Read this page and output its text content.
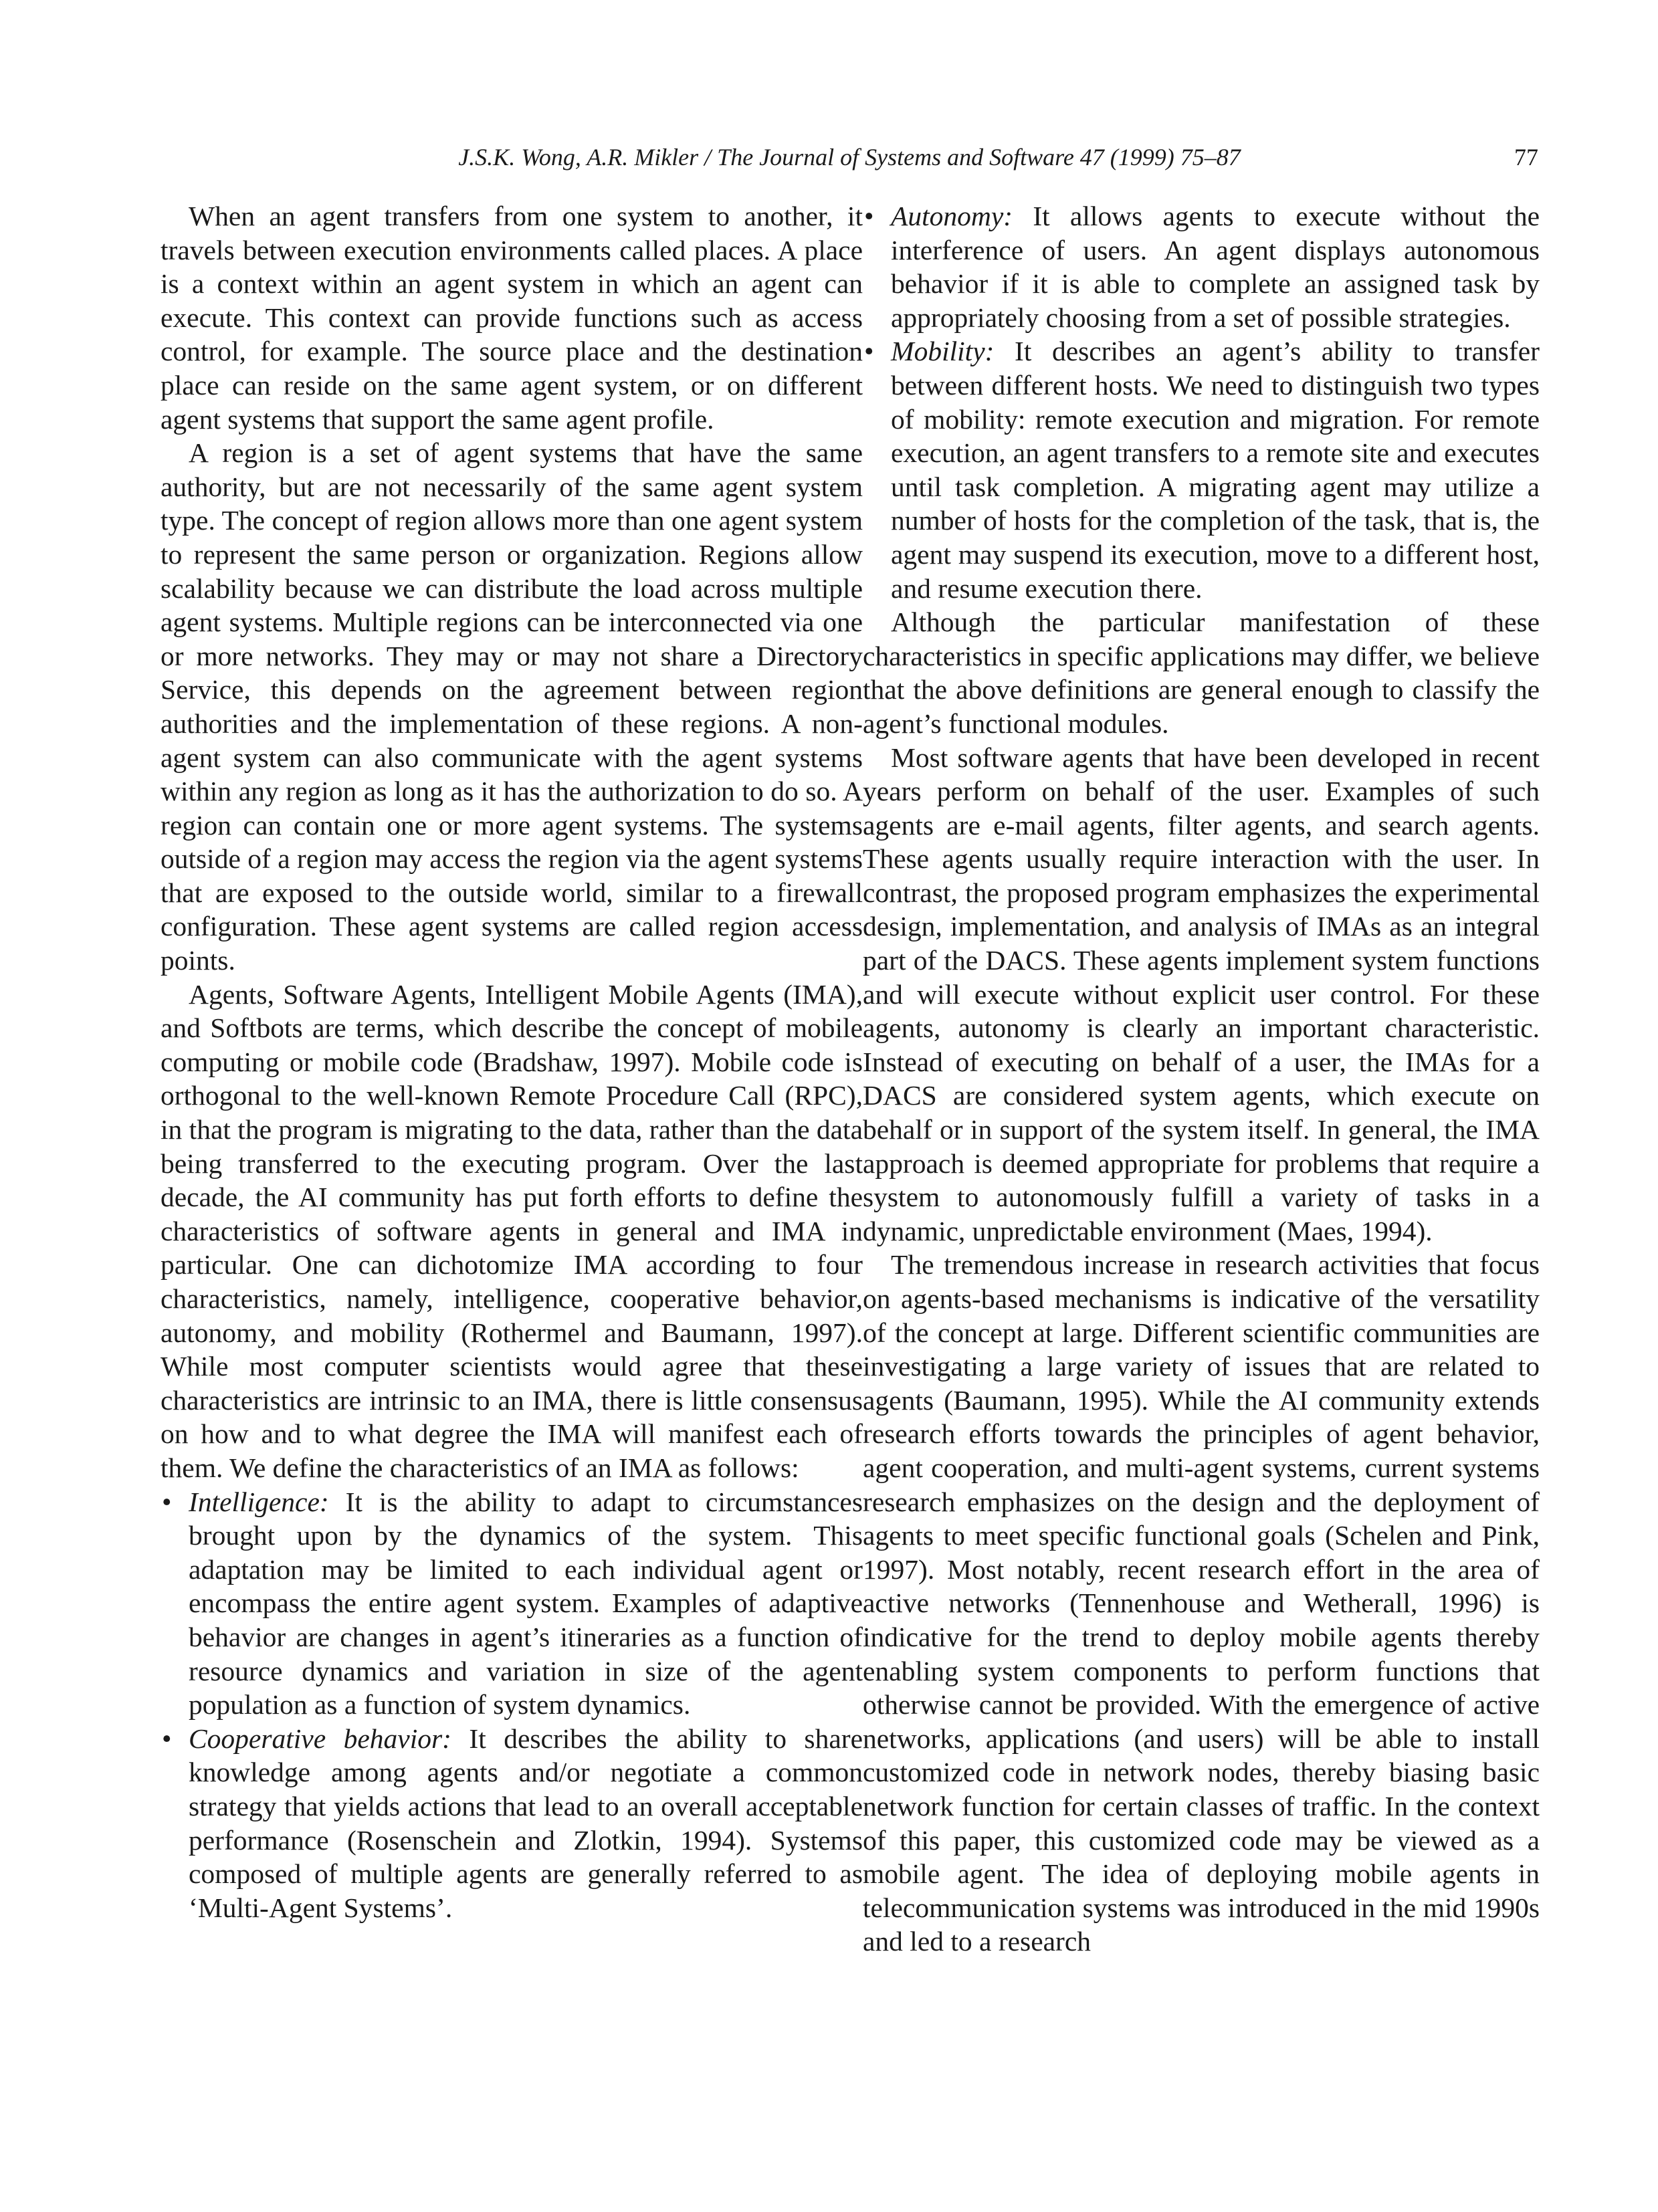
J.S.K. Wong, A.R. Mikler / The Journal of Systems and Software 47 (1999) 75–87	77

When an agent transfers from one system to another, it travels between execution environments called places. A place is a context within an agent system in which an agent can execute. This context can provide functions such as access control, for example. The source place and the destination place can reside on the same agent system, or on different agent systems that support the same agent profile.

A region is a set of agent systems that have the same authority, but are not necessarily of the same agent system type. The concept of region allows more than one agent system to represent the same person or organization. Regions allow scalability because we can distribute the load across multiple agent systems. Multiple regions can be interconnected via one or more networks. They may or may not share a Directory Service, this depends on the agreement between region authorities and the implementation of these regions. A non-agent system can also communicate with the agent systems within any region as long as it has the authorization to do so. A region can contain one or more agent systems. The systems outside of a region may access the region via the agent systems that are exposed to the outside world, similar to a firewall configuration. These agent systems are called region access points.

Agents, Software Agents, Intelligent Mobile Agents (IMA), and Softbots are terms, which describe the concept of mobile computing or mobile code (Bradshaw, 1997). Mobile code is orthogonal to the well-known Remote Procedure Call (RPC), in that the program is migrating to the data, rather than the data being transferred to the executing program. Over the last decade, the AI community has put forth efforts to define the characteristics of software agents in general and IMA in particular. One can dichotomize IMA according to four characteristics, namely, intelligence, cooperative behavior, autonomy, and mobility (Rothermel and Baumann, 1997). While most computer scientists would agree that these characteristics are intrinsic to an IMA, there is little consensus on how and to what degree the IMA will manifest each of them. We define the characteristics of an IMA as follows:

• Intelligence: It is the ability to adapt to circumstances brought upon by the dynamics of the system. This adaptation may be limited to each individual agent or encompass the entire agent system. Examples of adaptive behavior are changes in agent’s itineraries as a function of resource dynamics and variation in size of the agent population as a function of system dynamics.
• Cooperative behavior: It describes the ability to share knowledge among agents and/or negotiate a common strategy that yields actions that lead to an overall acceptable performance (Rosenschein and Zlotkin, 1994). Systems composed of multiple agents are generally referred to as ‘Multi-Agent Systems’.
• Autonomy: It allows agents to execute without the interference of users. An agent displays autonomous behavior if it is able to complete an assigned task by appropriately choosing from a set of possible strategies.
• Mobility: It describes an agent’s ability to transfer between different hosts. We need to distinguish two types of mobility: remote execution and migration. For remote execution, an agent transfers to a remote site and executes until task completion. A migrating agent may utilize a number of hosts for the completion of the task, that is, the agent may suspend its execution, move to a different host, and resume execution there.

Although the particular manifestation of these characteristics in specific applications may differ, we believe that the above definitions are general enough to classify the agent’s functional modules.

Most software agents that have been developed in recent years perform on behalf of the user. Examples of such agents are e-mail agents, filter agents, and search agents. These agents usually require interaction with the user. In contrast, the proposed program emphasizes the experimental design, implementation, and analysis of IMAs as an integral part of the DACS. These agents implement system functions and will execute without explicit user control. For these agents, autonomy is clearly an important characteristic. Instead of executing on behalf of a user, the IMAs for a DACS are considered system agents, which execute on behalf or in support of the system itself. In general, the IMA approach is deemed appropriate for problems that require a system to autonomously fulfill a variety of tasks in a dynamic, unpredictable environment (Maes, 1994).

The tremendous increase in research activities that focus on agents-based mechanisms is indicative of the versatility of the concept at large. Different scientific communities are investigating a large variety of issues that are related to agents (Baumann, 1995). While the AI community extends research efforts towards the principles of agent behavior, agent cooperation, and multi-agent systems, current systems research emphasizes on the design and the deployment of agents to meet specific functional goals (Schelen and Pink, 1997). Most notably, recent research effort in the area of active networks (Tennenhouse and Wetherall, 1996) is indicative for the trend to deploy mobile agents thereby enabling system components to perform functions that otherwise cannot be provided. With the emergence of active networks, applications (and users) will be able to install customized code in network nodes, thereby biasing basic network function for certain classes of traffic. In the context of this paper, this customized code may be viewed as a mobile agent. The idea of deploying mobile agents in telecommunication systems was introduced in the mid 1990s and led to a research
